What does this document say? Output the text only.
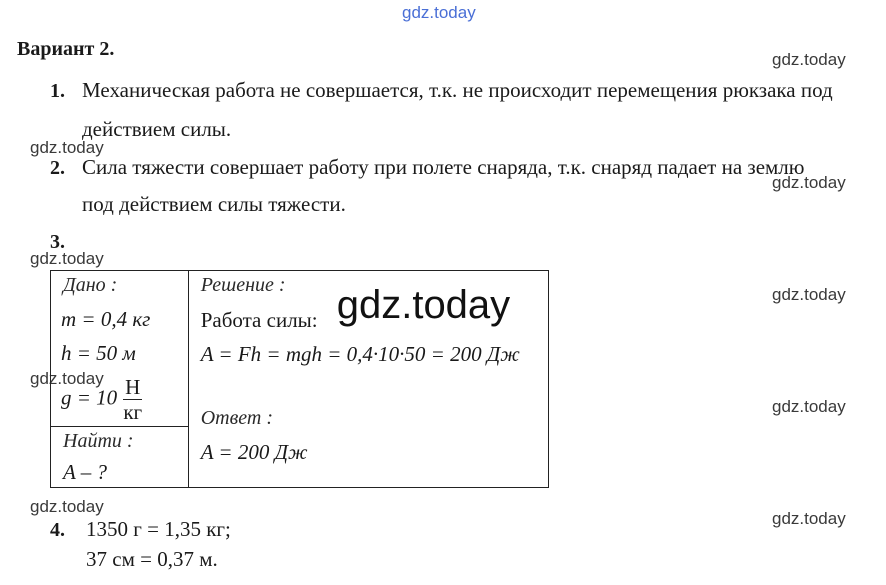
gdz.today
gdz.today
gdz.today
gdz.today
gdz.today
gdz.today
gdz.today
gdz.today
gdz.today
gdz.today
Вариант 2.
1. Механическая работа не совершается, т.к. не происходит перемещения рюкзака под
действием силы.
2. Сила тяжести совершает работу при полете снаряда, т.к. снаряд падает на землю
под действием силы тяжести.
3.
Дано :
m = 0,4 кг
h = 50 м
$g = 10 \frac{Н}{кг}$

Решение :
Работа силы: gdz.today
A = Fh = mgh = 0,4·10·50 = 200 Дж
Ответ :
A = 200 Дж

Найти :
A – ?
4. 1350 г = 1,35 кг;
37 см = 0,37 м.
